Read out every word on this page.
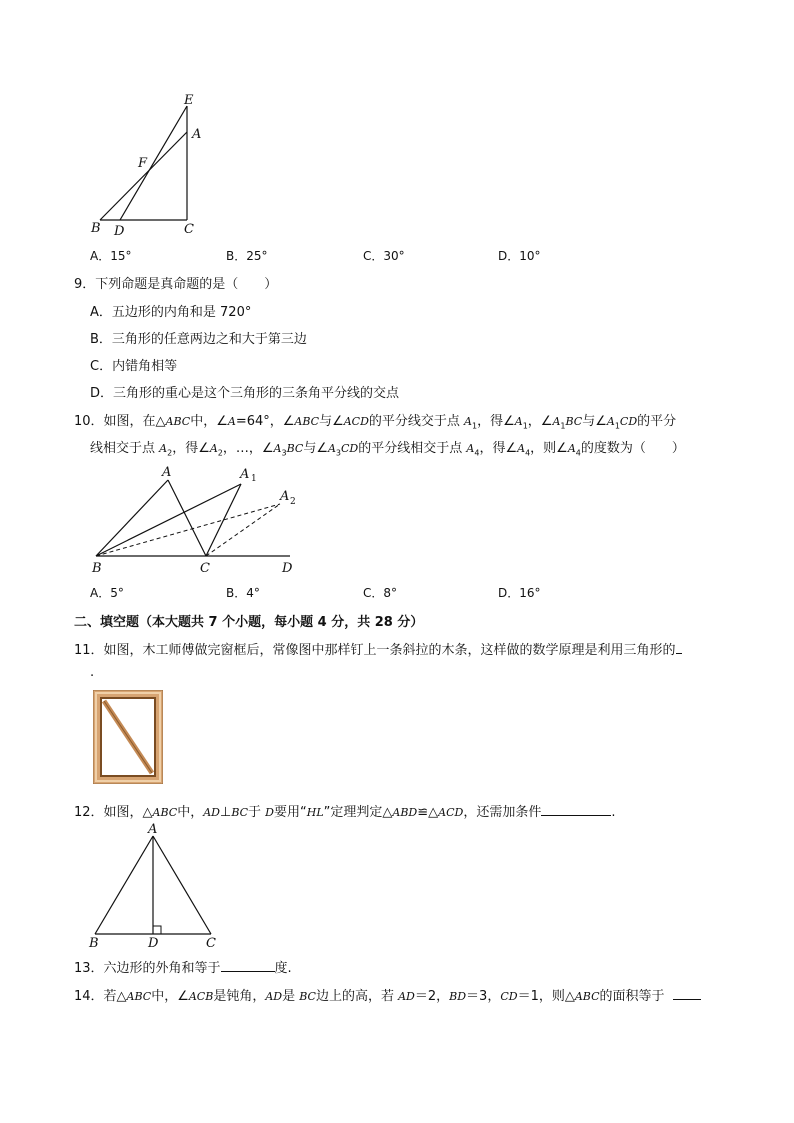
E
A
F
B D	C
A．15°	B．25°	C．30°	D．10°
9．下列命题是真命题的是（　　）
A．五边形的内角和是 720°
B．三角形的任意两边之和大于第三边
C．内错角相等
D．三角形的重心是这个三角形的三条角平分线的交点
10．如图，在△ABC中，∠A=64°，∠ABC与∠ACD的平分线交于点 $A_1$，得$\angle A_1$，$\angle A_1BC$与$\angle A_1CD$的平分
线相交于点 $A_2$，得$\angle A_2$，…，$\angle A_3BC$与$\angle A_3CD$的平分线相交于点 $A_4$，得$\angle A_4$，则$\angle A_4$的度数为（　　）
A	A 1
A 2
B	C	D
A．5°	B．4°	C．8°	D．16°
二、填空题（本大题共 7 个小题，每小题 4 分，共 28 分）
11．如图，木工师傅做完窗框后，常像图中那样钉上一条斜拉的木条，这样做的数学原理是利用三角形的
.
12．如图，△ABC中，AD⊥BC于 D要用“HL”定理判定△ABD≌△ACD，还需加条件	.
A
B	D	C
13．六边形的外角和等于	度.
14．若△ABC中，∠ACB是钝角，AD是 BC边上的高，若 AD＝2，BD＝3，CD＝1，则△ABC的面积等于
